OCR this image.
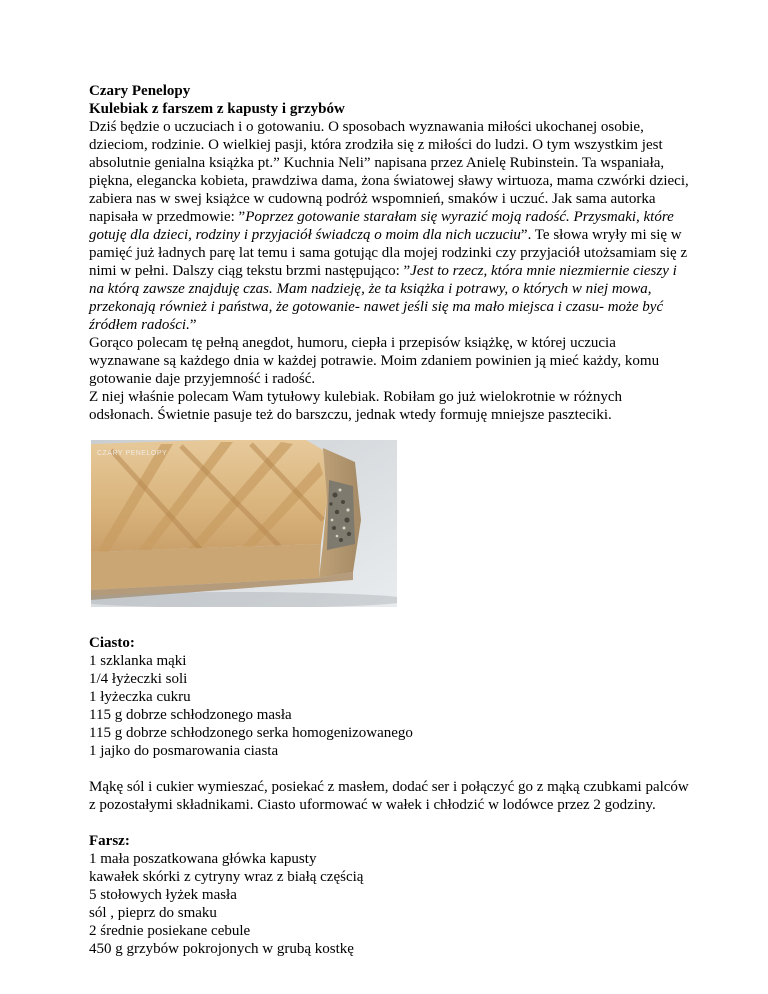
Czary Penelopy
Kulebiak z farszem z kapusty i grzybów

Dziś będzie o uczuciach i o gotowaniu. O sposobach wyznawania miłości ukochanej osobie, dzieciom, rodzinie. O wielkiej pasji, która zrodziła się z miłości do ludzi. O tym wszystkim jest absolutnie genialna książka pt.” Kuchnia Neli” napisana przez Anielę Rubinstein. Ta wspaniała, piękna, elegancka kobieta, prawdziwa dama, żona światowej sławy wirtuoza, mama czwórki dzieci, zabiera nas w swej książce w cudowną podróż wspomnień, smaków i uczuć. Jak sama autorka napisała w przedmowie: ”Poprzez gotowanie starałam się wyrazić moją radość. Przysmaki, które gotuję dla dzieci, rodziny i przyjaciół świadczą o moim dla nich uczuciu”. Te słowa wryły mi się w pamięć już ładnych parę lat temu i sama gotując dla mojej rodzinki czy przyjaciół utożsamiam się z nimi w pełni. Dalszy ciąg tekstu brzmi następująco: ”Jest to rzecz, która mnie niezmiernie cieszy i na którą zawsze znajduję czas. Mam nadzieję, że ta książka i potrawy, o których w niej mowa, przekonają również i państwa, że gotowanie- nawet jeśli się ma mało miejsca i czasu- może być źródłem radości.”

Gorąco polecam tę pełną anegdot, humoru, ciepła i przepisów książkę, w której uczucia wyznawane są każdego dnia w każdej potrawie. Moim zdaniem powinien ją mieć każdy, komu gotowanie daje przyjemność i radość.

Z niej właśnie polecam Wam tytułowy kulebiak. Robiłam go już wielokrotnie w różnych odsłonach. Świetnie pasuje też do barszczu, jednak wtedy formuję mniejsze paszteciki.

CZARY PENELOPY
Ciasto:
1 szklanka mąki
1/4 łyżeczki soli
1 łyżeczka cukru
115 g dobrze schłodzonego masła
115 g dobrze schłodzonego serka homogenizowanego
1 jajko do posmarowania ciasta

Mąkę sól i cukier wymieszać, posiekać z masłem, dodać ser i połączyć go z mąką czubkami palców z pozostałymi składnikami. Ciasto uformować w wałek i chłodzić w lodówce przez 2 godziny.

Farsz:
1 mała poszatkowana główka kapusty
kawałek skórki z cytryny wraz z białą częścią
5 stołowych łyżek masła
sól , pieprz do smaku
2 średnie posiekane cebule
450 g grzybów pokrojonych w grubą kostkę
